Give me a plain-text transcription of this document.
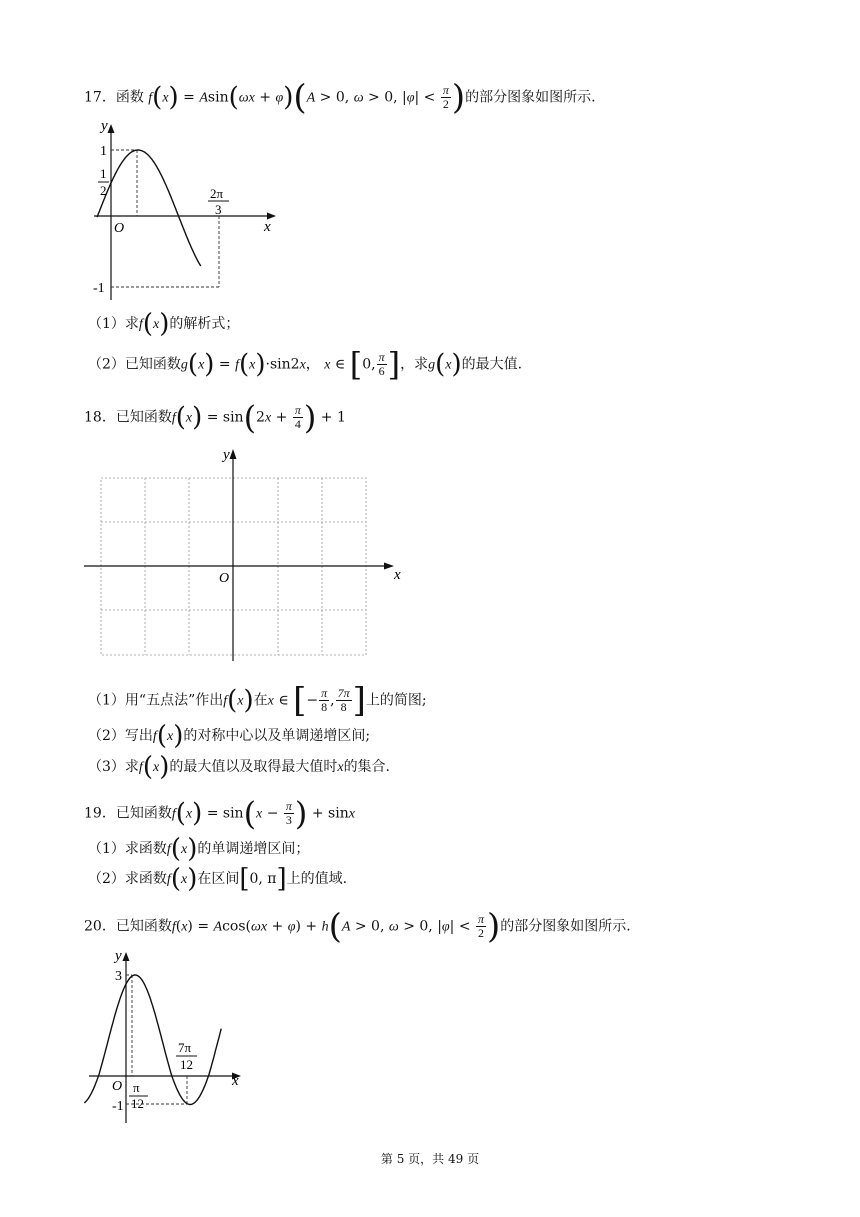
17．函数 f(x) = Asin(ωx + φ)(A > 0, ω > 0, $|\varphi| < \frac{\pi}{2}$ )的部分图象如图所示.
y
x
O
1
1
2
-1
2π
3
（1）求f(x)的解析式；
（2）已知函数g(x) = f(x)·sin2x， x ∈ [0, $\frac{\pi}{6}$ ]，求g(x)的最大值.
18．已知函数$f(x) = \sin(2x + \frac{\pi}{4}$ ) + 1
y
x
O
（1）用“五点法”作出f(x)在x ∈ [− $\frac{\pi}{8}$ , $\frac{7\pi}{8}$ ]上的简图;
（2）写出f(x)的对称中心以及单调递增区间;
（3）求f(x)的最大值以及取得最大值时x的集合.
19．已知函数$f(x) = \sin(x - \frac{\pi}{3}$ ) + sinx
（1）求函数f(x)的单调递增区间；
（2）求函数f(x)在区间[0, π]上的值域.
20．已知函数f(x) = Acos(ωx + φ) + h(A > 0, ω > 0, $|\varphi| < \frac{\pi}{2}$ )的部分图象如图所示.
y
x
O
3
-1
π
12
7π
12
第 5 页，共 49 页
